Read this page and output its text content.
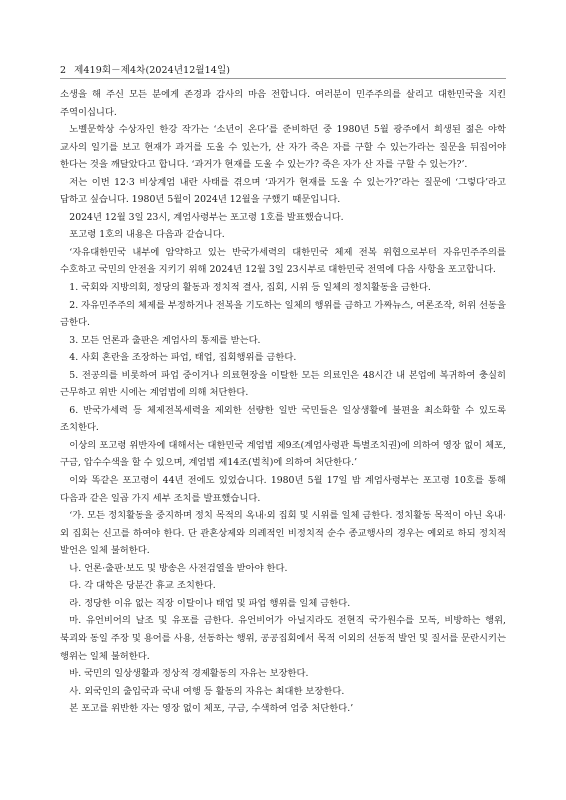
2 제419회－제4차(2024년12월14일)

소생을 해 주신 모든 분에게 존경과 감사의 마음 전합니다. 여러분이 민주주의를 살리고 대한민국을 지킨 주역이십니다.

노벨문학상 수상자인 한강 작가는 ‘소년이 온다’를 준비하던 중 1980년 5월 광주에서 희생된 젊은 야학 교사의 일기를 보고 현재가 과거를 도울 수 있는가, 산 자가 죽은 자를 구할 수 있는가라는 질문을 뒤집어야 한다는 것을 깨달았다고 합니다. ‘과거가 현재를 도울 수 있는가? 죽은 자가 산 자를 구할 수 있는가?’.

저는 이번 12·3 비상계엄 내란 사태를 겪으며 ‘과거가 현재를 도울 수 있는가?’라는 질문에 ‘그렇다’라고 답하고 싶습니다. 1980년 5월이 2024년 12월을 구했기 때문입니다.

2024년 12월 3일 23시, 계엄사령부는 포고령 1호를 발표했습니다.

포고령 1호의 내용은 다음과 같습니다.

‘자유대한민국 내부에 암약하고 있는 반국가세력의 대한민국 체제 전복 위협으로부터 자유민주주의를 수호하고 국민의 안전을 지키기 위해 2024년 12월 3일 23시부로 대한민국 전역에 다음 사항을 포고합니다.

1. 국회와 지방의회, 정당의 활동과 정치적 결사, 집회, 시위 등 일체의 정치활동을 금한다.

2. 자유민주주의 체제를 부정하거나 전복을 기도하는 일체의 행위를 금하고 가짜뉴스, 여론조작, 허위 선동을 금한다.

3. 모든 언론과 출판은 계엄사의 통제를 받는다.

4. 사회 혼란을 조장하는 파업, 태업, 집회행위를 금한다.

5. 전공의를 비롯하여 파업 중이거나 의료현장을 이탈한 모든 의료인은 48시간 내 본업에 복귀하여 충실히 근무하고 위반 시에는 계엄법에 의해 처단한다.

6. 반국가세력 등 체제전복세력을 제외한 선량한 일반 국민들은 일상생활에 불편을 최소화할 수 있도록 조치한다.

이상의 포고령 위반자에 대해서는 대한민국 계엄법 제9조(계엄사령관 특별조치권)에 의하여 영장 없이 체포, 구금, 압수수색을 할 수 있으며, 계엄법 제14조(벌칙)에 의하여 처단한다.’

이와 똑같은 포고령이 44년 전에도 있었습니다. 1980년 5월 17일 밤 계엄사령부는 포고령 10호를 통해 다음과 같은 일곱 가지 세부 조치를 발표했습니다.

‘가. 모든 정치활동을 중지하며 정치 목적의 옥내·외 집회 및 시위를 일체 금한다. 정치활동 목적이 아닌 옥내·외 집회는 신고를 하여야 한다. 단 관혼상제와 의례적인 비정치적 순수 종교행사의 경우는 예외로 하되 정치적 발언은 일체 불허한다.

나. 언론·출판·보도 및 방송은 사전검열을 받아야 한다.

다. 각 대학은 당분간 휴교 조치한다.

라. 정당한 이유 없는 직장 이탈이나 태업 및 파업 행위를 일체 금한다.

마. 유언비어의 날조 및 유포를 금한다. 유언비어가 아닐지라도 전현직 국가원수를 모독, 비방하는 행위, 북괴와 동일 주장 및 용어를 사용, 선동하는 행위, 공공집회에서 목적 이외의 선동적 발언 및 질서를 문란시키는 행위는 일체 불허한다.

바. 국민의 일상생활과 정상적 경제활동의 자유는 보장한다.

사. 외국인의 출입국과 국내 여행 등 활동의 자유는 최대한 보장한다.

본 포고를 위반한 자는 영장 없이 체포, 구금, 수색하여 엄중 처단한다.’
